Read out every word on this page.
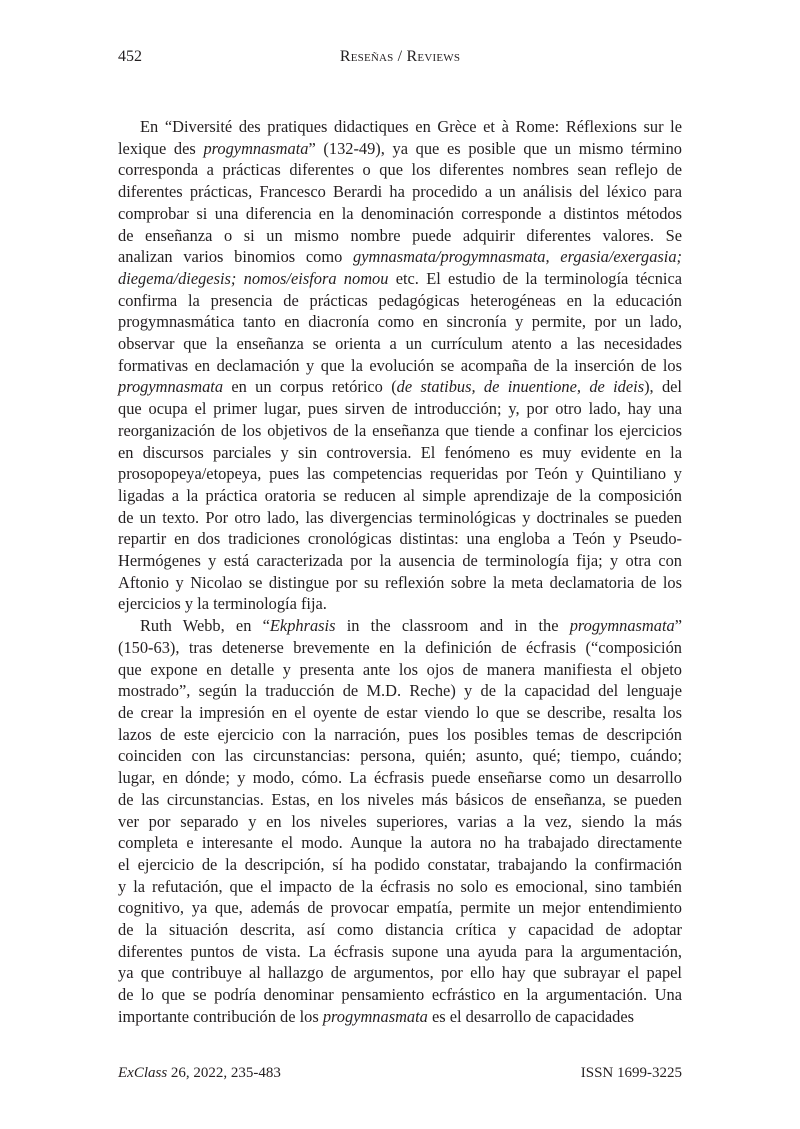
452	Reseñas / Reviews
En “Diversité des pratiques didactiques en Grèce et à Rome: Réflexions sur le
lexique des progymnasmata” (132-49), ya que es posible que un mismo término
corresponda a prácticas diferentes o que los diferentes nombres sean reflejo de
diferentes prácticas, Francesco Berardi ha procedido a un análisis del léxico para
comprobar si una diferencia en la denominación corresponde a distintos métodos
de enseñanza o si un mismo nombre puede adquirir diferentes valores. Se
analizan varios binomios como gymnasmata/progymnasmata, ergasia/exergasia;
diegema/diegesis; nomos/eisfora nomou etc. El estudio de la terminología técnica
confirma la presencia de prácticas pedagógicas heterogéneas en la educación
progymnasmática tanto en diacronía como en sincronía y permite, por un lado,
observar que la enseñanza se orienta a un currículum atento a las necesidades
formativas en declamación y que la evolución se acompaña de la inserción de los
progymnasmata en un corpus retórico (de statibus, de inuentione, de ideis), del
que ocupa el primer lugar, pues sirven de introducción; y, por otro lado, hay una
reorganización de los objetivos de la enseñanza que tiende a confinar los ejercicios
en discursos parciales y sin controversia. El fenómeno es muy evidente en la
prosopopeya/etopeya, pues las competencias requeridas por Teón y Quintiliano y
ligadas a la práctica oratoria se reducen al simple aprendizaje de la composición
de un texto. Por otro lado, las divergencias terminológicas y doctrinales se pueden
repartir en dos tradiciones cronológicas distintas: una engloba a Teón y Pseudo-
Hermógenes y está caracterizada por la ausencia de terminología fija; y otra con
Aftonio y Nicolao se distingue por su reflexión sobre la meta declamatoria de los
ejercicios y la terminología fija.
Ruth Webb, en “Ekphrasis in the classroom and in the progymnasmata”
(150-63), tras detenerse brevemente en la definición de écfrasis (“composición
que expone en detalle y presenta ante los ojos de manera manifiesta el objeto
mostrado”, según la traducción de M.D. Reche) y de la capacidad del lenguaje
de crear la impresión en el oyente de estar viendo lo que se describe, resalta los
lazos de este ejercicio con la narración, pues los posibles temas de descripción
coinciden con las circunstancias: persona, quién; asunto, qué; tiempo, cuándo;
lugar, en dónde; y modo, cómo. La écfrasis puede enseñarse como un desarrollo
de las circunstancias. Estas, en los niveles más básicos de enseñanza, se pueden
ver por separado y en los niveles superiores, varias a la vez, siendo la más
completa e interesante el modo. Aunque la autora no ha trabajado directamente
el ejercicio de la descripción, sí ha podido constatar, trabajando la confirmación
y la refutación, que el impacto de la écfrasis no solo es emocional, sino también
cognitivo, ya que, además de provocar empatía, permite un mejor entendimiento
de la situación descrita, así como distancia crítica y capacidad de adoptar
diferentes puntos de vista. La écfrasis supone una ayuda para la argumentación,
ya que contribuye al hallazgo de argumentos, por ello hay que subrayar el papel
de lo que se podría denominar pensamiento ecfrástico en la argumentación. Una
importante contribución de los progymnasmata es el desarrollo de capacidades
ExClass 26, 2022, 235-483	ISSN 1699-3225
